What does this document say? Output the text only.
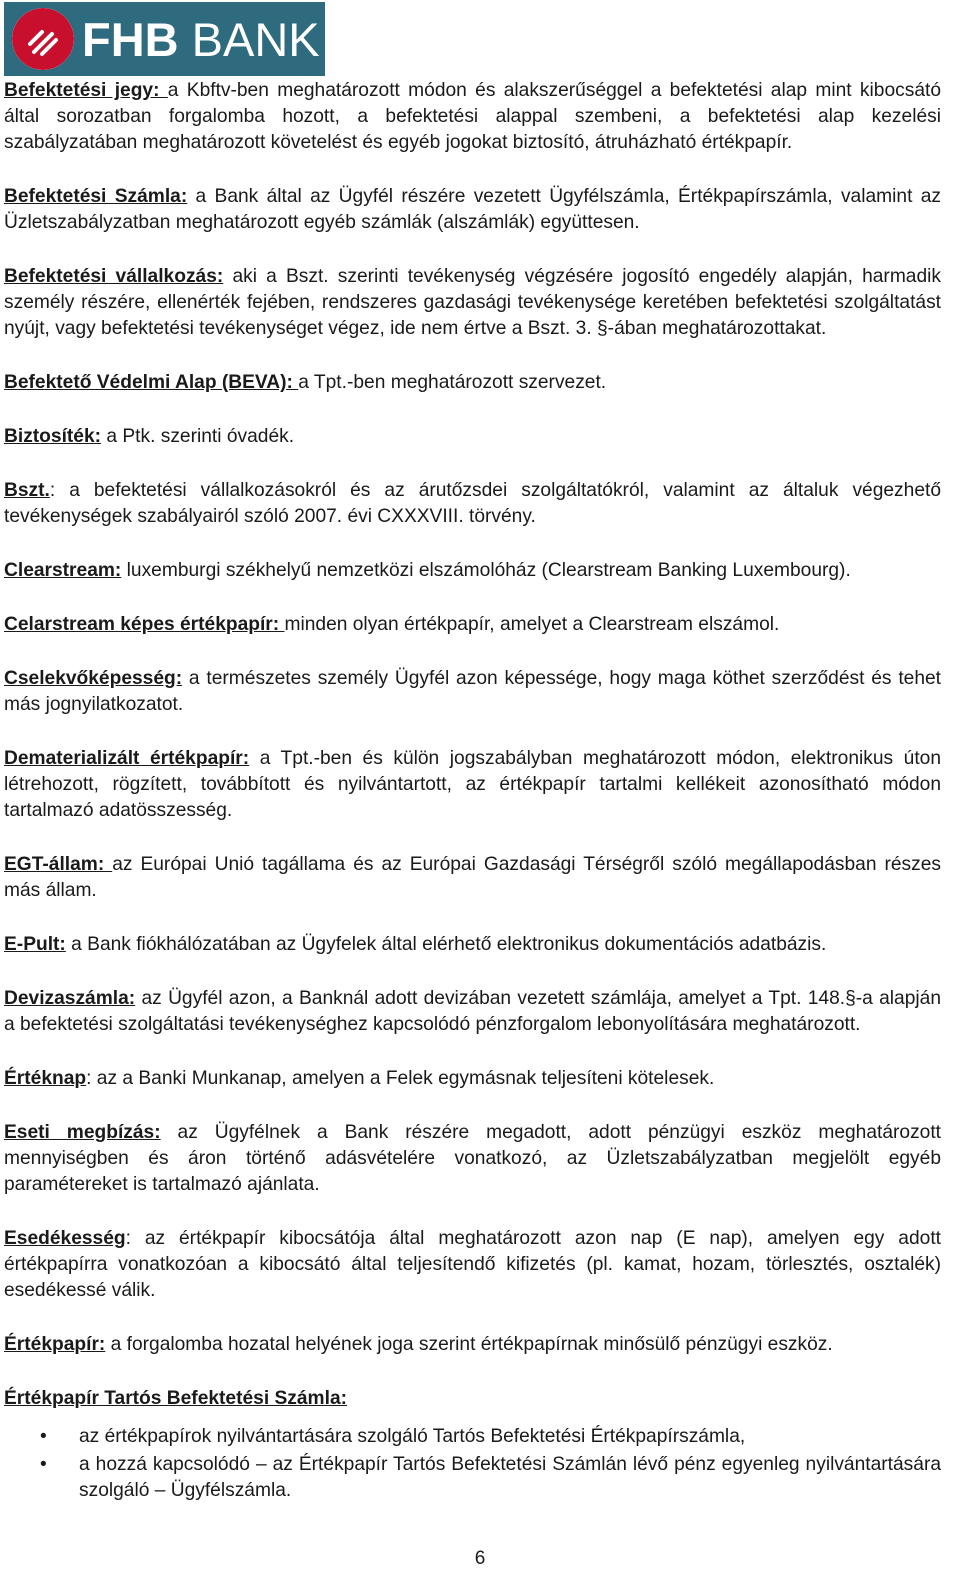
FHB BANK

Befektetési jegy: a Kbftv-ben meghatározott módon és alakszerűséggel a befektetési alap mint kibocsátó által sorozatban forgalomba hozott, a befektetési alappal szembeni, a befektetési alap kezelési szabályzatában meghatározott követelést és egyéb jogokat biztosító, átruházható értékpapír.

Befektetési Számla: a Bank által az Ügyfél részére vezetett Ügyfélszámla, Értékpapírszámla, valamint az Üzletszabályzatban meghatározott egyéb számlák (alszámlák) együttesen.

Befektetési vállalkozás: aki a Bszt. szerinti tevékenység végzésére jogosító engedély alapján, harmadik személy részére, ellenérték fejében, rendszeres gazdasági tevékenysége keretében befektetési szolgáltatást nyújt, vagy befektetési tevékenységet végez, ide nem értve a Bszt. 3. §-ában meghatározottakat.

Befektető Védelmi Alap (BEVA): a Tpt.-ben meghatározott szervezet.

Biztosíték: a Ptk. szerinti óvadék.

Bszt.: a befektetési vállalkozásokról és az árutőzsdei szolgáltatókról, valamint az általuk végezhető tevékenységek szabályairól szóló 2007. évi CXXXVIII. törvény.

Clearstream: luxemburgi székhelyű nemzetközi elszámolóház (Clearstream Banking Luxembourg).

Celarstream képes értékpapír: minden olyan értékpapír, amelyet a Clearstream elszámol.

Cselekvőképesség: a természetes személy Ügyfél azon képessége, hogy maga köthet szerződést és tehet más jognyilatkozatot.

Dematerializált értékpapír: a Tpt.-ben és külön jogszabályban meghatározott módon, elektronikus úton létrehozott, rögzített, továbbított és nyilvántartott, az értékpapír tartalmi kellékeit azonosítható módon tartalmazó adatösszesség.

EGT-állam: az Európai Unió tagállama és az Európai Gazdasági Térségről szóló megállapodásban részes más állam.

E-Pult: a Bank fiókhálózatában az Ügyfelek által elérhető elektronikus dokumentációs adatbázis.

Devizaszámla: az Ügyfél azon, a Banknál adott devizában vezetett számlája, amelyet a Tpt. 148.§-a alapján a befektetési szolgáltatási tevékenységhez kapcsolódó pénzforgalom lebonyolítására meghatározott.

Értéknap: az a Banki Munkanap, amelyen a Felek egymásnak teljesíteni kötelesek.

Eseti megbízás: az Ügyfélnek a Bank részére megadott, adott pénzügyi eszköz meghatározott mennyiségben és áron történő adásvételére vonatkozó, az Üzletszabályzatban megjelölt egyéb paramétereket is tartalmazó ajánlata.

Esedékesség: az értékpapír kibocsátója által meghatározott azon nap (E nap), amelyen egy adott értékpapírra vonatkozóan a kibocsátó által teljesítendő kifizetés (pl. kamat, hozam, törlesztés, osztalék) esedékessé válik.

Értékpapír: a forgalomba hozatal helyének joga szerint értékpapírnak minősülő pénzügyi eszköz.

Értékpapír Tartós Befektetési Számla:

• az értékpapírok nyilvántartására szolgáló Tartós Befektetési Értékpapírszámla,
• a hozzá kapcsolódó – az Értékpapír Tartós Befektetési Számlán lévő pénz egyenleg nyilvántartására szolgáló – Ügyfélszámla.
6
